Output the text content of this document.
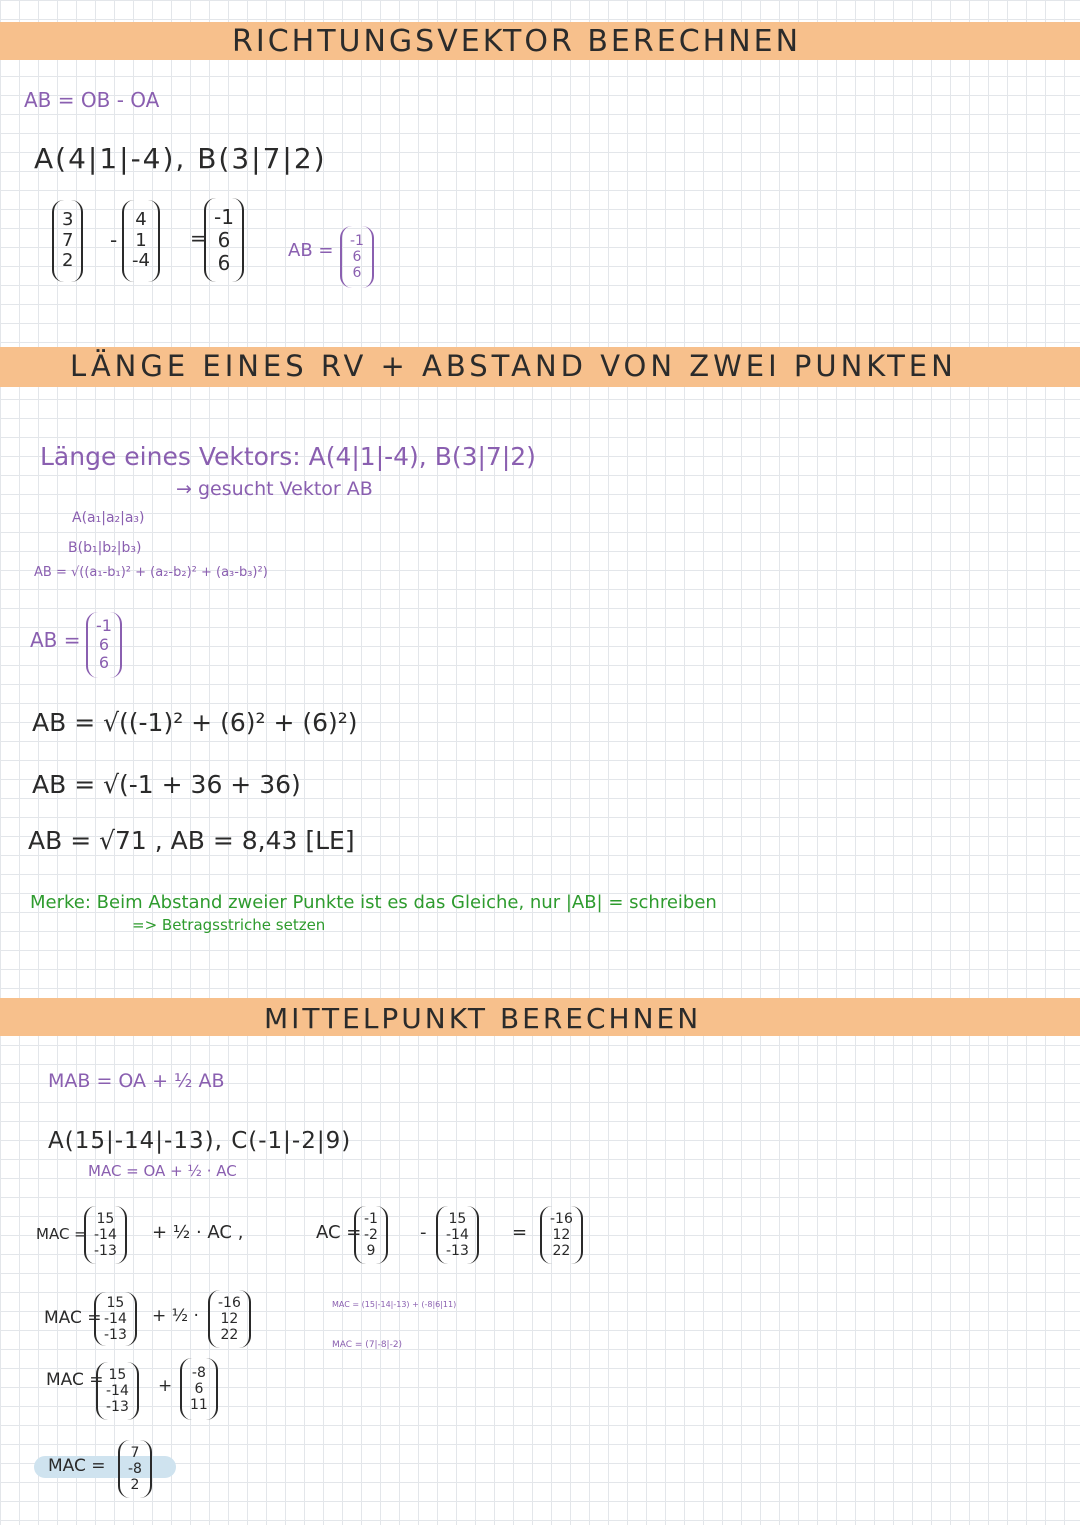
RICHTUNGSVEKTOR BERECHNEN
AB = OB - OA
A(4|1|-4), B(3|7|2)
3
7
2
-
4
1
-4
=
-1
6
6	AB = -1
6
6
LÄNGE EINES RV + ABSTAND VON ZWEI PUNKTEN
Länge eines Vektors: A(4|1|-4), B(3|7|2)
→ gesucht Vektor AB
A(a₁|a₂|a₃)
B(b₁|b₂|b₃)
AB = √((a₁-b₁)² + (a₂-b₂)² + (a₃-b₃)²)
AB =
-1
6
6
AB = √((-1)² + (6)² + (6)²)
AB = √(-1 + 36 + 36)
AB = √71 , AB = 8,43 [LE]
Merke: Beim Abstand zweier Punkte ist es das Gleiche, nur |AB| = schreiben
=> Betragsstriche setzen
MITTELPUNKT BERECHNEN
MAB = OA + ½ AB
A(15|-14|-13), C(-1|-2|9)
MAC = OA + ½ · AC
MAC =
15
-14
-13
+ ½ · AC ,	AC =
-1
-2
9
-
15
-14
-13
=
-16
12
22
MAC =
15
-14
-13
+ ½ ·
-16
12
22
MAC = (15|-14|-13) + (-8|6|11)
MAC = (7|-8|-2)
MAC = 15
-14
-13
+
-8
6
11
MAC =
7
-8
2
